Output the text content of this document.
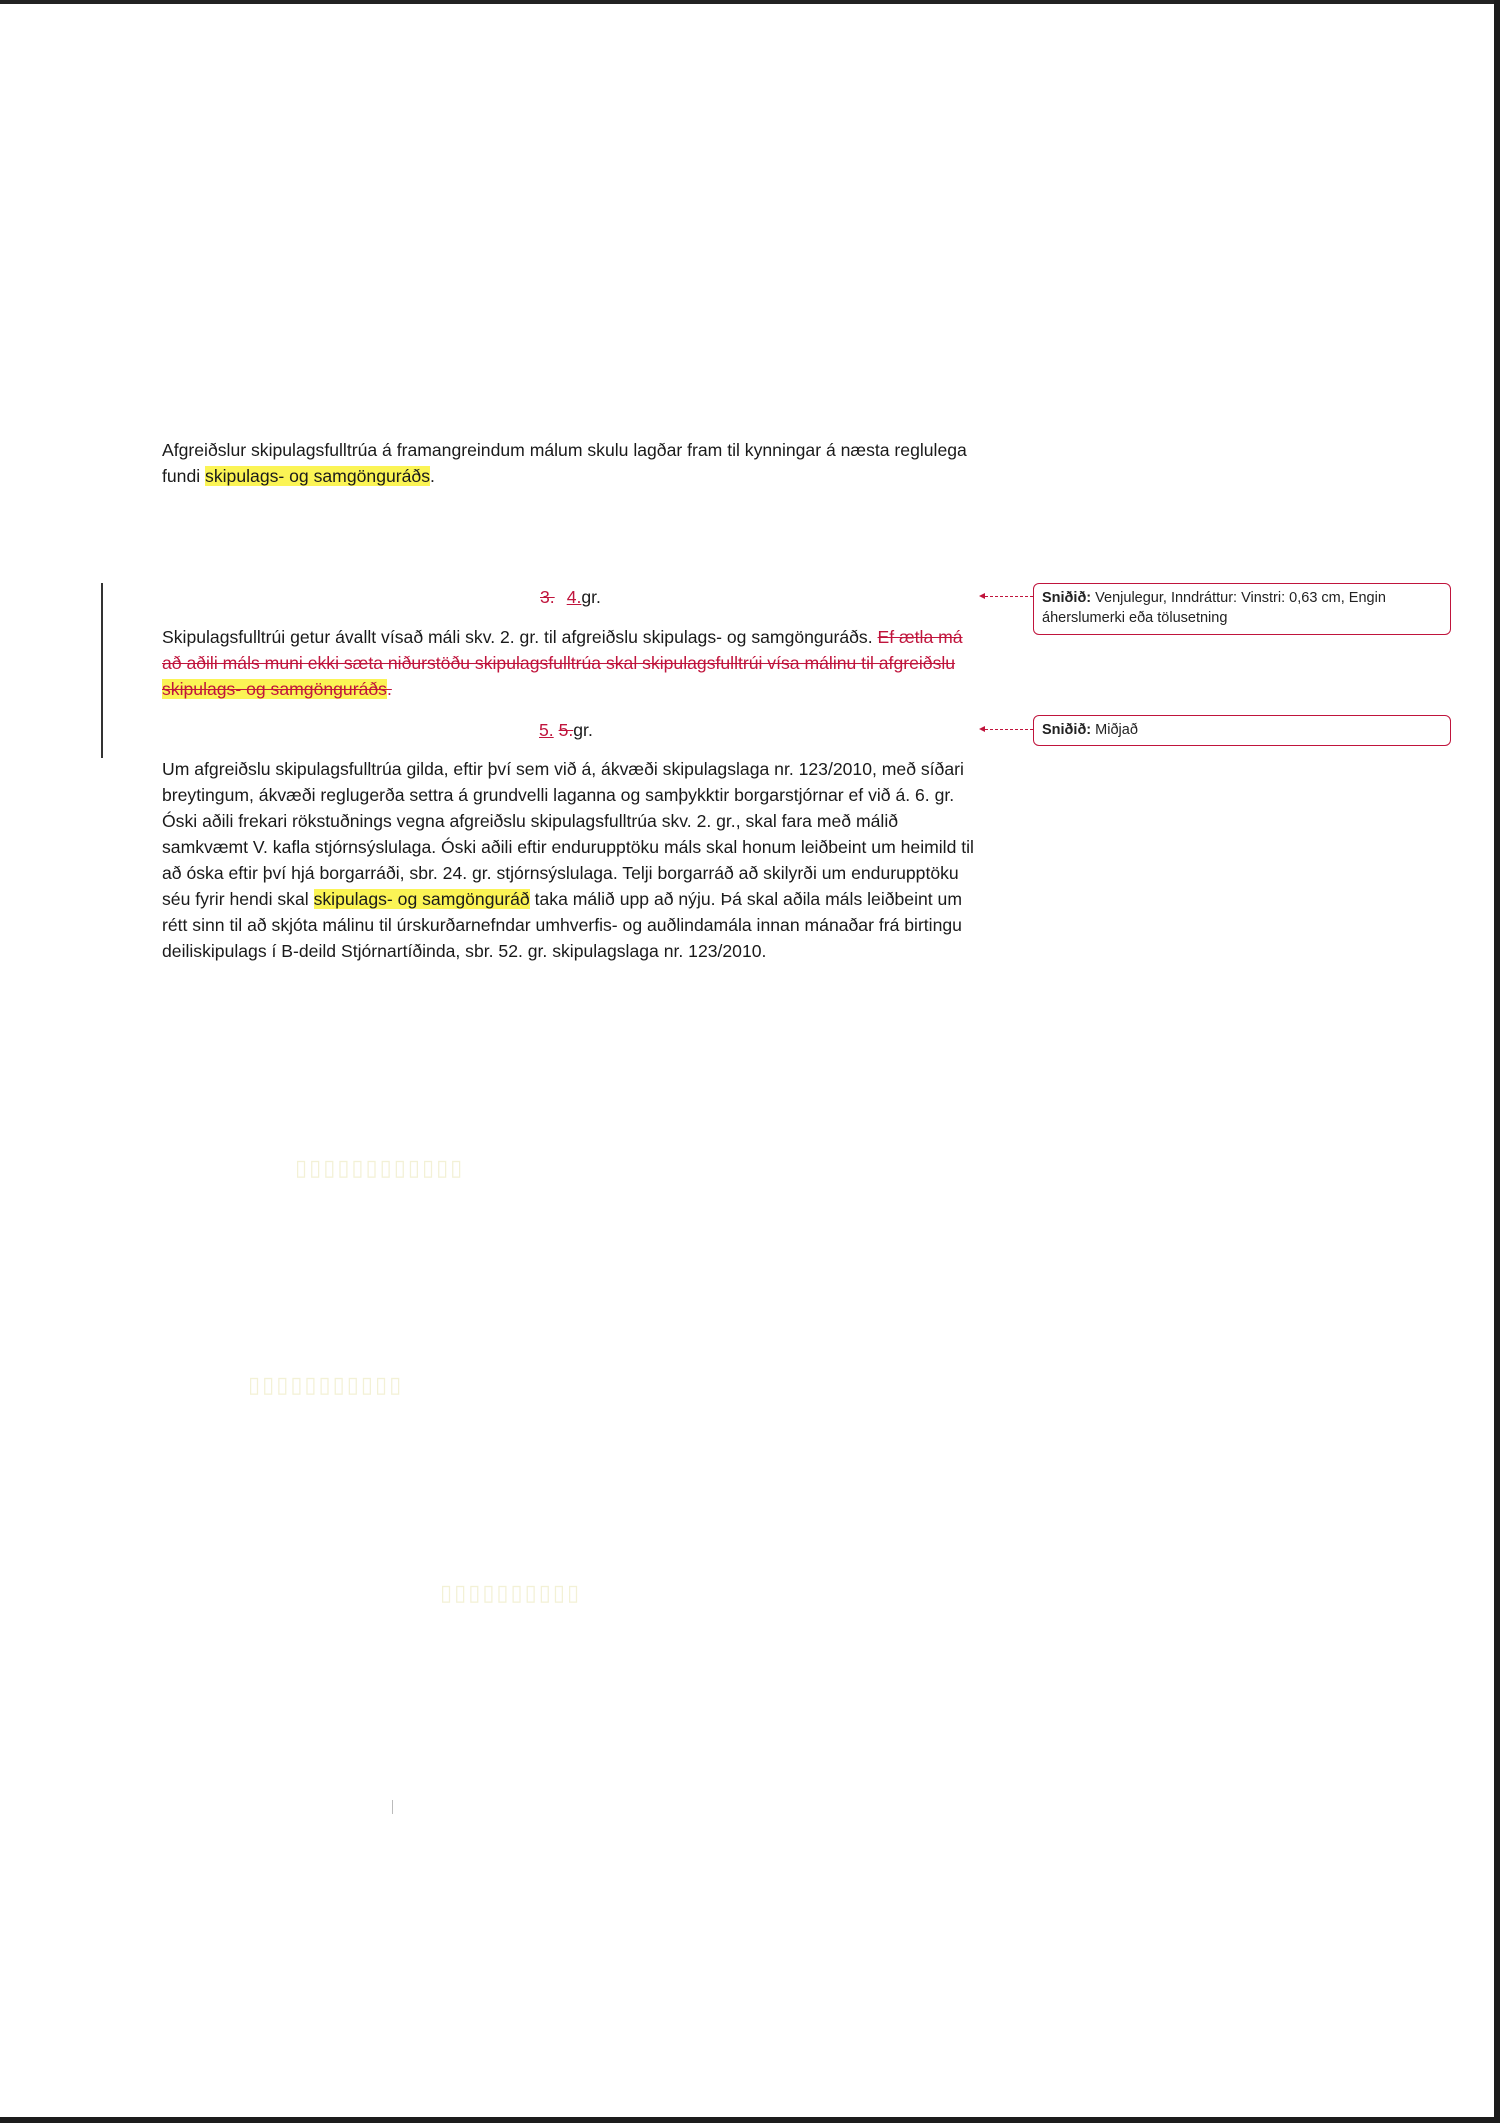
Afgreiðslur skipulagsfulltrúa á framangreindum málum skulu lagðar fram til kynningar á næsta reglulega fundi skipulags- og samgönguráðs.
3. 4.gr.
Skipulagsfulltrúi getur ávallt vísað máli skv. 2. gr. til afgreiðslu skipulags- og samgönguráðs. Ef ætla má að aðili máls muni ekki sæta niðurstöðu skipulagsfulltrúa skal skipulagsfulltrúi vísa málinu til afgreiðslu skipulags- og samgönguráðs.
5. 5.gr.
Um afgreiðslu skipulagsfulltrúa gilda, eftir því sem við á, ákvæði skipulagslaga nr. 123/2010, með síðari breytingum, ákvæði reglugerða settra á grundvelli laganna og samþykktir borgarstjórnar ef við á. 6. gr. Óski aðili frekari rökstuðnings vegna afgreiðslu skipulagsfulltrúa skv. 2. gr., skal fara með málið samkvæmt V. kafla stjórnsýslulaga. Óski aðili eftir endurupptöku máls skal honum leiðbeint um heimild til að óska eftir því hjá borgarráði, sbr. 24. gr. stjórnsýslulaga. Telji borgarráð að skilyrði um endurupptöku séu fyrir hendi skal skipulags- og samgönguráð taka málið upp að nýju. Þá skal aðila máls leiðbeint um rétt sinn til að skjóta málinu til úrskurðarnefndar umhverfis- og auðlindamála innan mánaðar frá birtingu deiliskipulags í B-deild Stjórnartíðinda, sbr. 52. gr. skipulagslaga nr. 123/2010.
Sniðið: Venjulegur, Inndráttur: Vinstri: 0,63 cm, Engin áherslumerki eða tölusetning
Sniðið: Miðjað
▯▯▯▯▯▯▯▯▯▯▯▯
▯▯▯▯▯▯▯▯▯▯▯
▯▯▯▯▯▯▯▯▯▯
